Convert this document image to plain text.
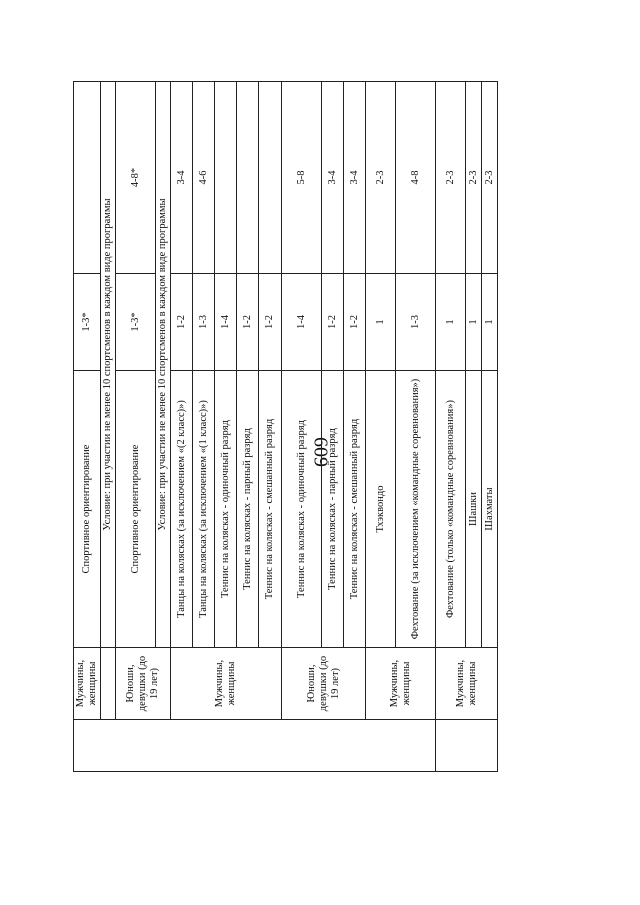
609
	Мужчины, женщины	Спортивное ориентирование	1-3*	
		Условие: при участии не менее 10 спортсменов в каждом виде программы		
	Юноши, девушки (до 19 лет)	Спортивное ориентирование	1-3*	4-8*
		Условие: при участии не менее 10 спортсменов в каждом виде программы		
	Мужчины, женщины	Танцы на колясках (за исключением «(2 класс)»)	1-2	3-4
		Танцы на колясках (за исключением «(1 класс)»)	1-3	4-6
		Теннис на колясках - одиночный разряд	1-4	
		Теннис на колясках - парный разряд	1-2	
		Теннис на колясках - смешанный разряд	1-2	
	Юноши, девушки (до 19 лет)	Теннис на колясках - одиночный разряд	1-4	5-8
		Теннис на колясках - парный разряд	1-2	3-4
		Теннис на колясках - смешанный разряд	1-2	3-4
	Мужчины, женщины	Тхэквондо	1	2-3
		Фехтование (за исключением «командные соревнования»)	1-3	4-8
	Мужчины, женщины	Фехтование (только «командные соревнования»)	1	2-3
		Шашки	1	2-3
		Шахматы	1	2-3
